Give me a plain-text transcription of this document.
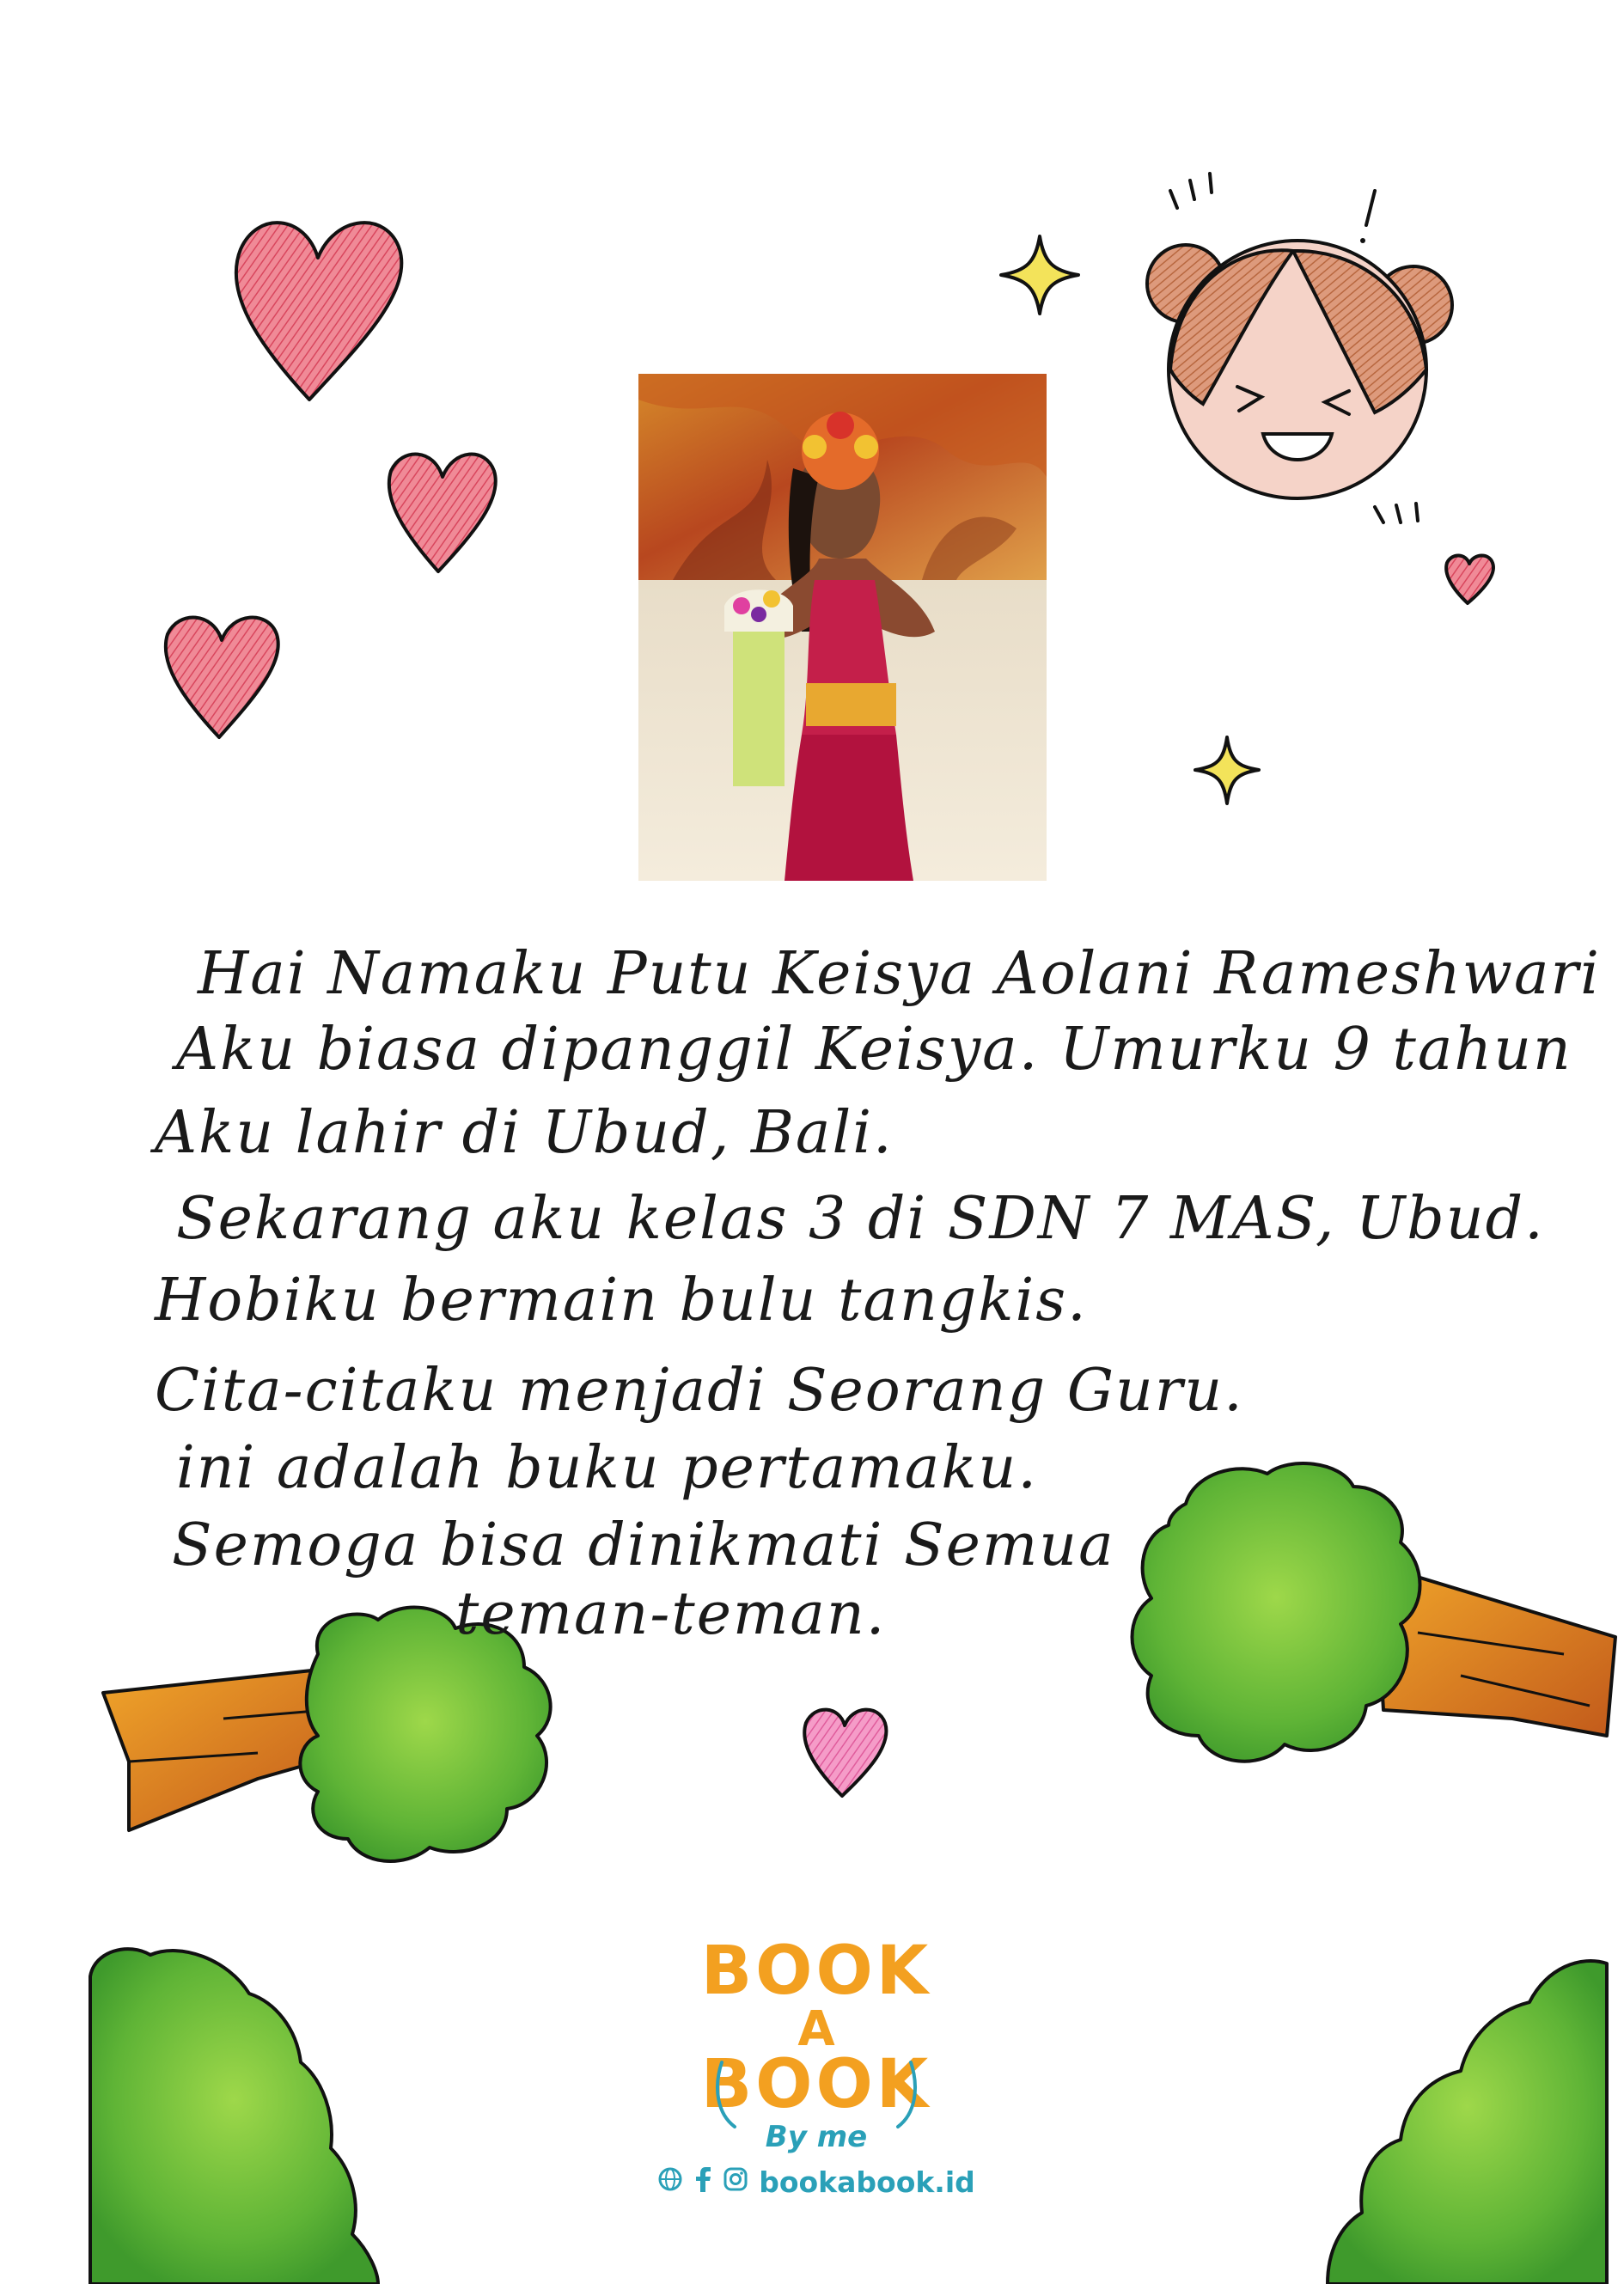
Hai Namaku Putu Keisya Aolani Rameshwari
Aku biasa dipanggil Keisya. Umurku 9 tahun
Aku lahir di Ubud, Bali.
Sekarang aku kelas 3 di SDN 7 MAS, Ubud.
Hobiku bermain bulu tangkis.
Cita-citaku menjadi Seorang Guru.
ini adalah buku pertamaku.
Semoga bisa dinikmati Semua
teman-teman.
BOOK
A
BOOK
By me
bookabook.id
